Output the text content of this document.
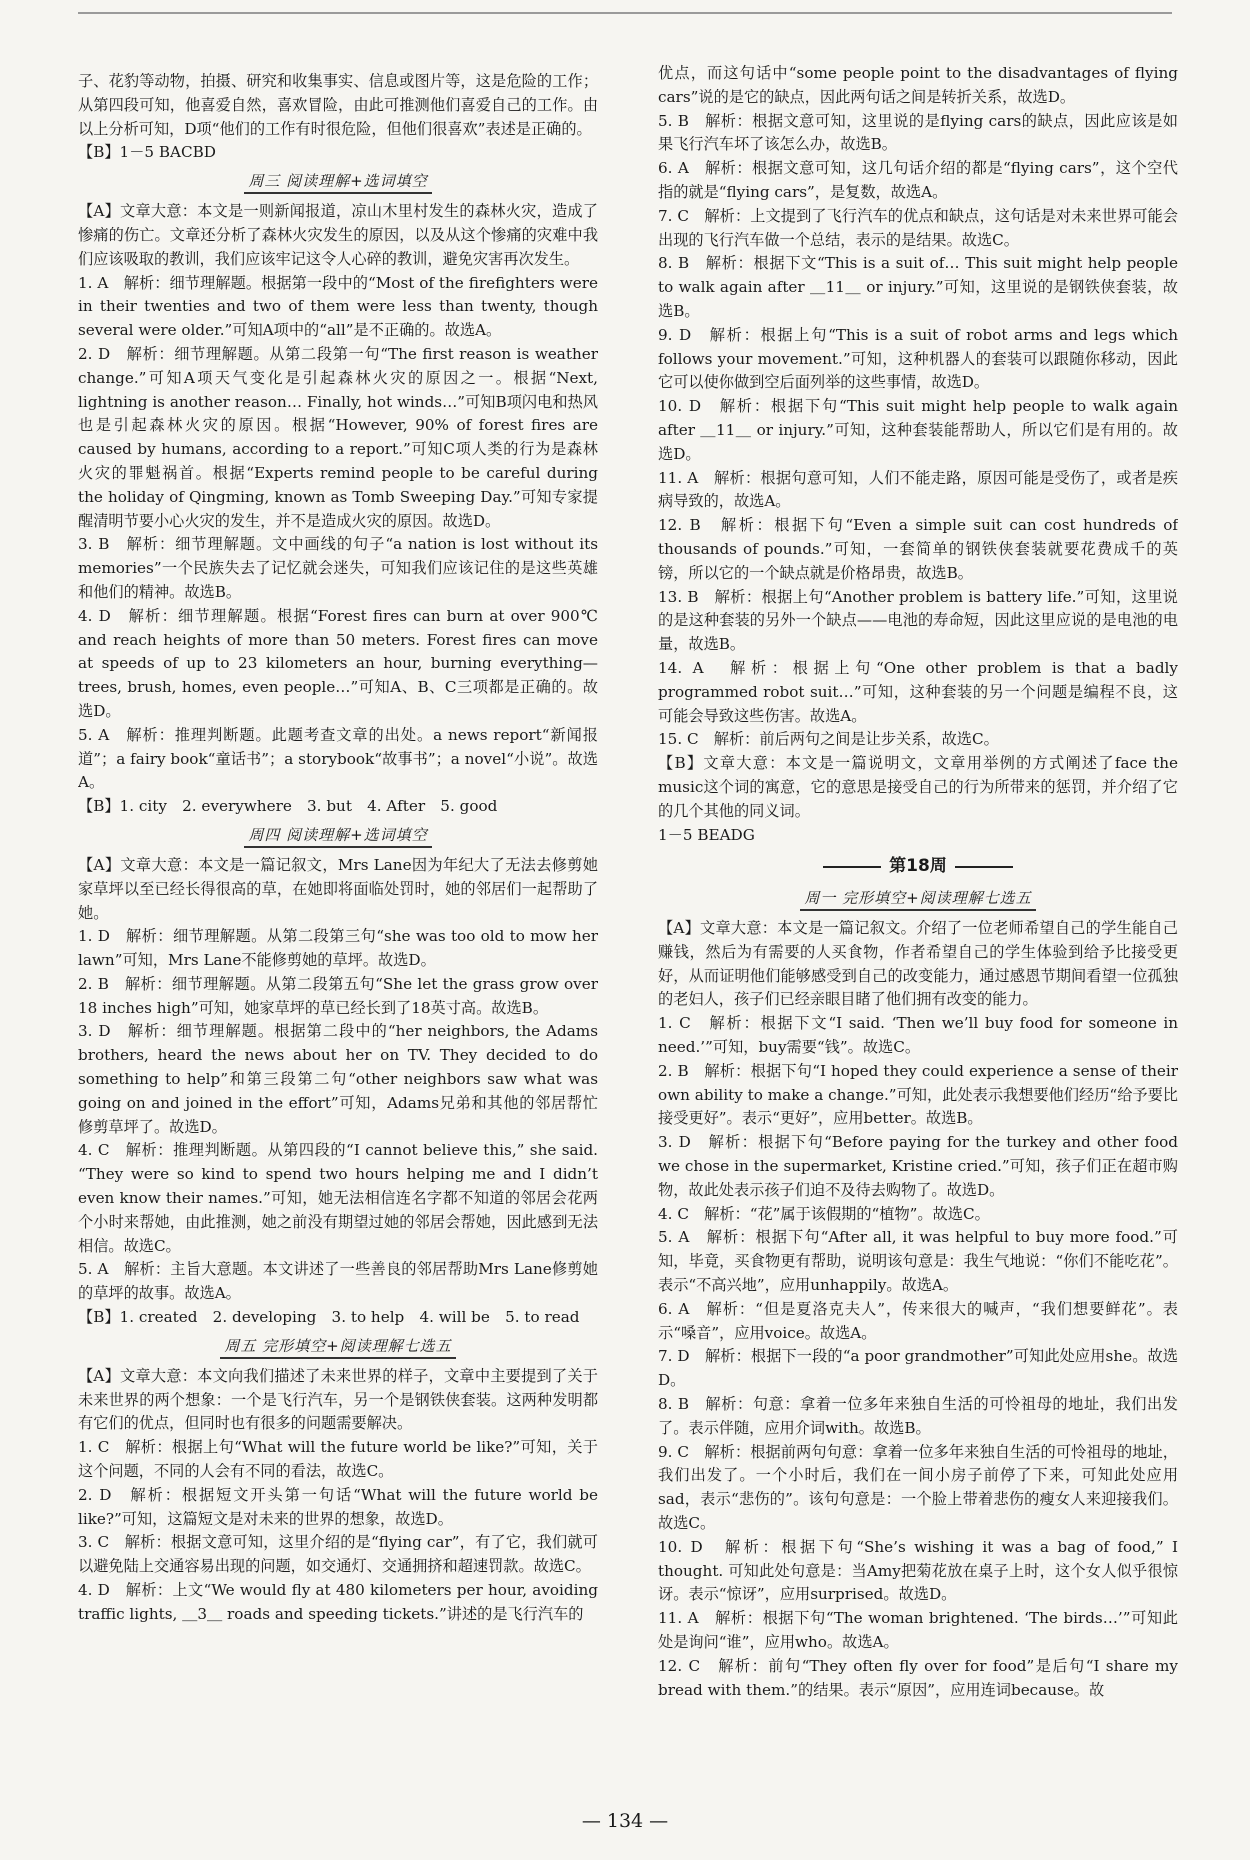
子、花豹等动物，拍摄、研究和收集事实、信息或图片等，这是危险的工作；从第四段可知，他喜爱自然，喜欢冒险，由此可推测他们喜爱自己的工作。由以上分析可知，D项“他们的工作有时很危险，但他们很喜欢”表述是正确的。

【B】1－5 BACBD

周三 阅读理解+选词填空

【A】文章大意：本文是一则新闻报道，凉山木里村发生的森林火灾，造成了惨痛的伤亡。文章还分析了森林火灾发生的原因，以及从这个惨痛的灾难中我们应该吸取的教训，我们应该牢记这令人心碎的教训，避免灾害再次发生。

1. A　解析：细节理解题。根据第一段中的“Most of the firefighters were in their twenties and two of them were less than twenty, though several were older.”可知A项中的“all”是不正确的。故选A。

2. D　解析：细节理解题。从第二段第一句“The first reason is weather change.”可知A项天气变化是引起森林火灾的原因之一。根据“Next, lightning is another reason… Finally, hot winds…”可知B项闪电和热风也是引起森林火灾的原因。根据“However, 90% of forest fires are caused by humans, according to a report.”可知C项人类的行为是森林火灾的罪魁祸首。根据“Experts remind people to be careful during the holiday of Qingming, known as Tomb Sweeping Day.”可知专家提醒清明节要小心火灾的发生，并不是造成火灾的原因。故选D。

3. B　解析：细节理解题。文中画线的句子“a nation is lost without its memories”一个民族失去了记忆就会迷失，可知我们应该记住的是这些英雄和他们的精神。故选B。

4. D　解析：细节理解题。根据“Forest fires can burn at over 900℃ and reach heights of more than 50 meters. Forest fires can move at speeds of up to 23 kilometers an hour, burning everything—trees, brush, homes, even people…”可知A、B、C三项都是正确的。故选D。

5. A　解析：推理判断题。此题考查文章的出处。a news report“新闻报道”；a fairy book“童话书”；a storybook“故事书”；a novel“小说”。故选A。

【B】1. city　2. everywhere　3. but　4. After　5. good

周四 阅读理解+选词填空

【A】文章大意：本文是一篇记叙文，Mrs Lane因为年纪大了无法去修剪她家草坪以至已经长得很高的草，在她即将面临处罚时，她的邻居们一起帮助了她。

1. D　解析：细节理解题。从第二段第三句“she was too old to mow her lawn”可知，Mrs Lane不能修剪她的草坪。故选D。

2. B　解析：细节理解题。从第二段第五句“She let the grass grow over 18 inches high”可知，她家草坪的草已经长到了18英寸高。故选B。

3. D　解析：细节理解题。根据第二段中的“her neighbors, the Adams brothers, heard the news about her on TV. They decided to do something to help”和第三段第二句“other neighbors saw what was going on and joined in the effort”可知，Adams兄弟和其他的邻居帮忙修剪草坪了。故选D。

4. C　解析：推理判断题。从第四段的“I cannot believe this,” she said. “They were so kind to spend two hours helping me and I didn’t even know their names.”可知，她无法相信连名字都不知道的邻居会花两个小时来帮她，由此推测，她之前没有期望过她的邻居会帮她，因此感到无法相信。故选C。

5. A　解析：主旨大意题。本文讲述了一些善良的邻居帮助Mrs Lane修剪她的草坪的故事。故选A。

【B】1. created　2. developing　3. to help　4. will be　5. to read

周五 完形填空+阅读理解七选五

【A】文章大意：本文向我们描述了未来世界的样子，文章中主要提到了关于未来世界的两个想象：一个是飞行汽车，另一个是钢铁侠套装。这两种发明都有它们的优点，但同时也有很多的问题需要解决。

1. C　解析：根据上句“What will the future world be like?”可知，关于这个问题，不同的人会有不同的看法，故选C。

2. D　解析：根据短文开头第一句话“What will the future world be like?”可知，这篇短文是对未来的世界的想象，故选D。

3. C　解析：根据文意可知，这里介绍的是“flying car”，有了它，我们就可以避免陆上交通容易出现的问题，如交通灯、交通拥挤和超速罚款。故选C。

4. D　解析：上文“We would fly at 480 kilometers per hour, avoiding traffic lights, ＿3＿ roads and speeding tickets.”讲述的是飞行汽车的

优点，而这句话中“some people point to the disadvantages of flying cars”说的是它的缺点，因此两句话之间是转折关系，故选D。

5. B　解析：根据文意可知，这里说的是flying cars的缺点，因此应该是如果飞行汽车坏了该怎么办，故选B。

6. A　解析：根据文意可知，这几句话介绍的都是“flying cars”，这个空代指的就是“flying cars”，是复数，故选A。

7. C　解析：上文提到了飞行汽车的优点和缺点，这句话是对未来世界可能会出现的飞行汽车做一个总结，表示的是结果。故选C。

8. B　解析：根据下文“This is a suit of… This suit might help people to walk again after ＿11＿ or injury.”可知，这里说的是钢铁侠套装，故选B。

9. D　解析：根据上句“This is a suit of robot arms and legs which follows your movement.”可知，这种机器人的套装可以跟随你移动，因此它可以使你做到空后面列举的这些事情，故选D。

10. D　解析：根据下句“This suit might help people to walk again after ＿11＿ or injury.”可知，这种套装能帮助人，所以它们是有用的。故选D。

11. A　解析：根据句意可知，人们不能走路，原因可能是受伤了，或者是疾病导致的，故选A。

12. B　解析：根据下句“Even a simple suit can cost hundreds of thousands of pounds.”可知，一套简单的钢铁侠套装就要花费成千的英镑，所以它的一个缺点就是价格昂贵，故选B。

13. B　解析：根据上句“Another problem is battery life.”可知，这里说的是这种套装的另外一个缺点——电池的寿命短，因此这里应说的是电池的电量，故选B。

14. A　解析：根据上句“One other problem is that a badly programmed robot suit…”可知，这种套装的另一个问题是编程不良，这可能会导致这些伤害。故选A。

15. C　解析：前后两句之间是让步关系，故选C。

【B】文章大意：本文是一篇说明文，文章用举例的方式阐述了face the music这个词的寓意，它的意思是接受自己的行为所带来的惩罚，并介绍了它的几个其他的同义词。

1－5 BEADG

第18周
周一 完形填空+阅读理解七选五

【A】文章大意：本文是一篇记叙文。介绍了一位老师希望自己的学生能自己赚钱，然后为有需要的人买食物，作者希望自己的学生体验到给予比接受更好，从而证明他们能够感受到自己的改变能力，通过感恩节期间看望一位孤独的老妇人，孩子们已经亲眼目睹了他们拥有改变的能力。

1. C　解析：根据下文“I said. ‘Then we’ll buy food for someone in need.’”可知，buy需要“钱”。故选C。

2. B　解析：根据下句“I hoped they could experience a sense of their own ability to make a change.”可知，此处表示我想要他们经历“给予要比接受更好”。表示“更好”，应用better。故选B。

3. D　解析：根据下句“Before paying for the turkey and other food we chose in the supermarket, Kristine cried.”可知，孩子们正在超市购物，故此处表示孩子们迫不及待去购物了。故选D。

4. C　解析：“花”属于该假期的“植物”。故选C。

5. A　解析：根据下句“After all, it was helpful to buy more food.”可知，毕竟，买食物更有帮助，说明该句意是：我生气地说：“你们不能吃花”。表示“不高兴地”，应用unhappily。故选A。

6. A　解析：“但是夏洛克夫人”，传来很大的喊声，“我们想要鲜花”。表示“嗓音”，应用voice。故选A。

7. D　解析：根据下一段的“a poor grandmother”可知此处应用she。故选D。

8. B　解析：句意：拿着一位多年来独自生活的可怜祖母的地址，我们出发了。表示伴随，应用介词with。故选B。

9. C　解析：根据前两句句意：拿着一位多年来独自生活的可怜祖母的地址，我们出发了。一个小时后，我们在一间小房子前停了下来，可知此处应用sad，表示“悲伤的”。该句句意是：一个脸上带着悲伤的瘦女人来迎接我们。故选C。

10. D　解析：根据下句“She’s wishing it was a bag of food,” I thought. 可知此处句意是：当Amy把菊花放在桌子上时，这个女人似乎很惊讶。表示“惊讶”，应用surprised。故选D。

11. A　解析：根据下句“The woman brightened. ‘The birds…’”可知此处是询问“谁”，应用who。故选A。

12. C　解析：前句“They often fly over for food”是后句“I share my bread with them.”的结果。表示“原因”，应用连词because。故

— 134 —
